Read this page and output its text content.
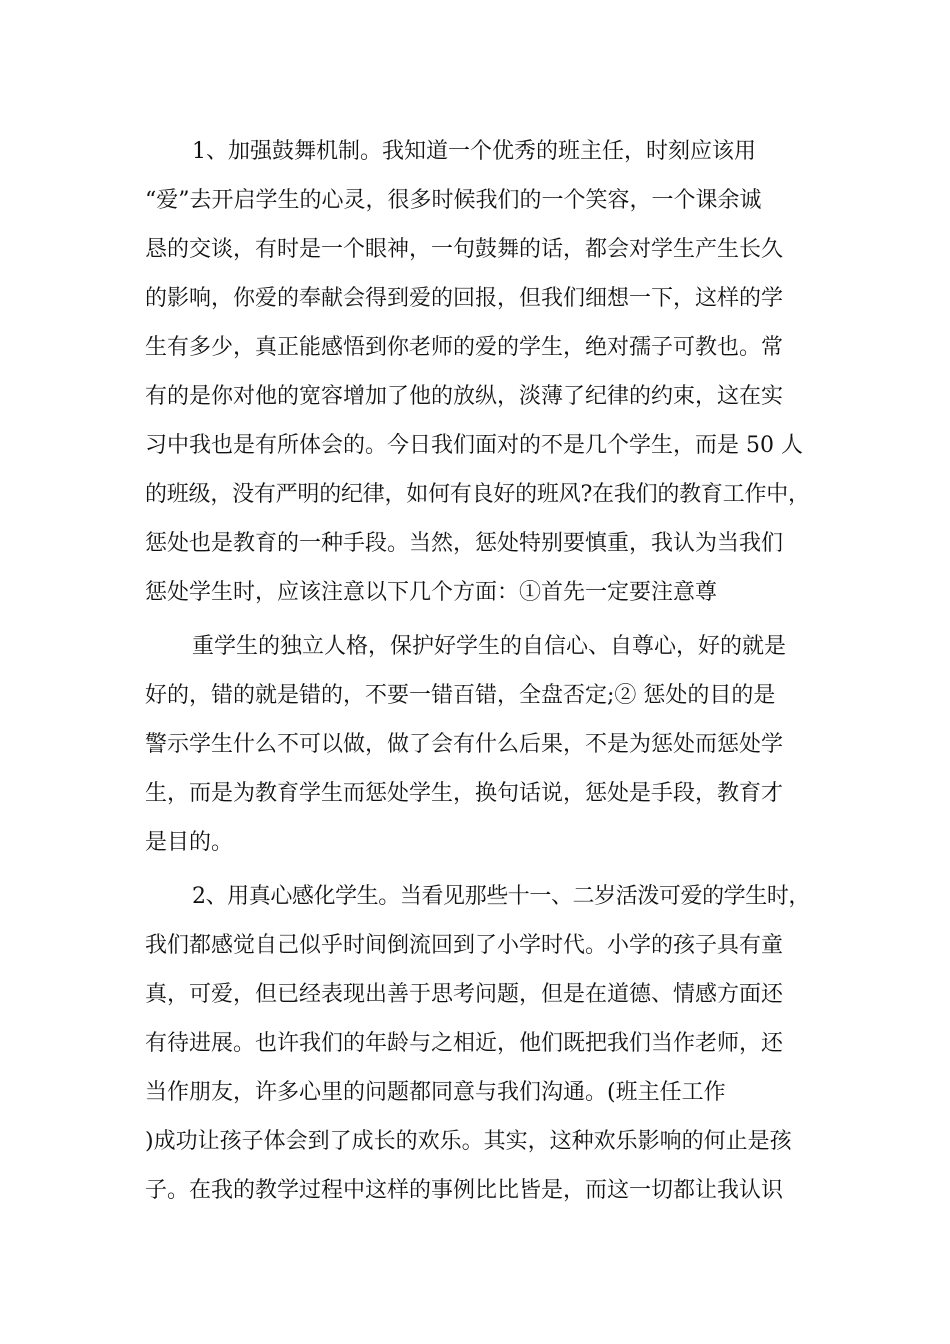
1、加强鼓舞机制。我知道一个优秀的班主任，时刻应该用
“爱”去开启学生的心灵，很多时候我们的一个笑容，一个课余诚
恳的交谈，有时是一个眼神，一句鼓舞的话，都会对学生产生长久
的影响，你爱的奉献会得到爱的回报，但我们细想一下，这样的学
生有多少，真正能感悟到你老师的爱的学生，绝对孺子可教也。常
有的是你对他的宽容增加了他的放纵，淡薄了纪律的约束，这在实
习中我也是有所体会的。今日我们面对的不是几个学生，而是 50 人
的班级，没有严明的纪律，如何有良好的班风?在我们的教育工作中，
惩处也是教育的一种手段。当然，惩处特别要慎重，我认为当我们
惩处学生时，应该注意以下几个方面：①首先一定要注意尊
重学生的独立人格，保护好学生的自信心、自尊心，好的就是
好的，错的就是错的，不要一错百错，全盘否定;② 惩处的目的是
警示学生什么不可以做，做了会有什么后果，不是为惩处而惩处学
生，而是为教育学生而惩处学生，换句话说，惩处是手段，教育才
是目的。
2、用真心感化学生。当看见那些十一、二岁活泼可爱的学生时，
我们都感觉自己似乎时间倒流回到了小学时代。小学的孩子具有童
真，可爱，但已经表现出善于思考问题，但是在道德、情感方面还
有待进展。也许我们的年龄与之相近，他们既把我们当作老师，还
当作朋友，许多心里的问题都同意与我们沟通。(班主任工作
)成功让孩子体会到了成长的欢乐。其实，这种欢乐影响的何止是孩
子。在我的教学过程中这样的事例比比皆是，而这一切都让我认识
